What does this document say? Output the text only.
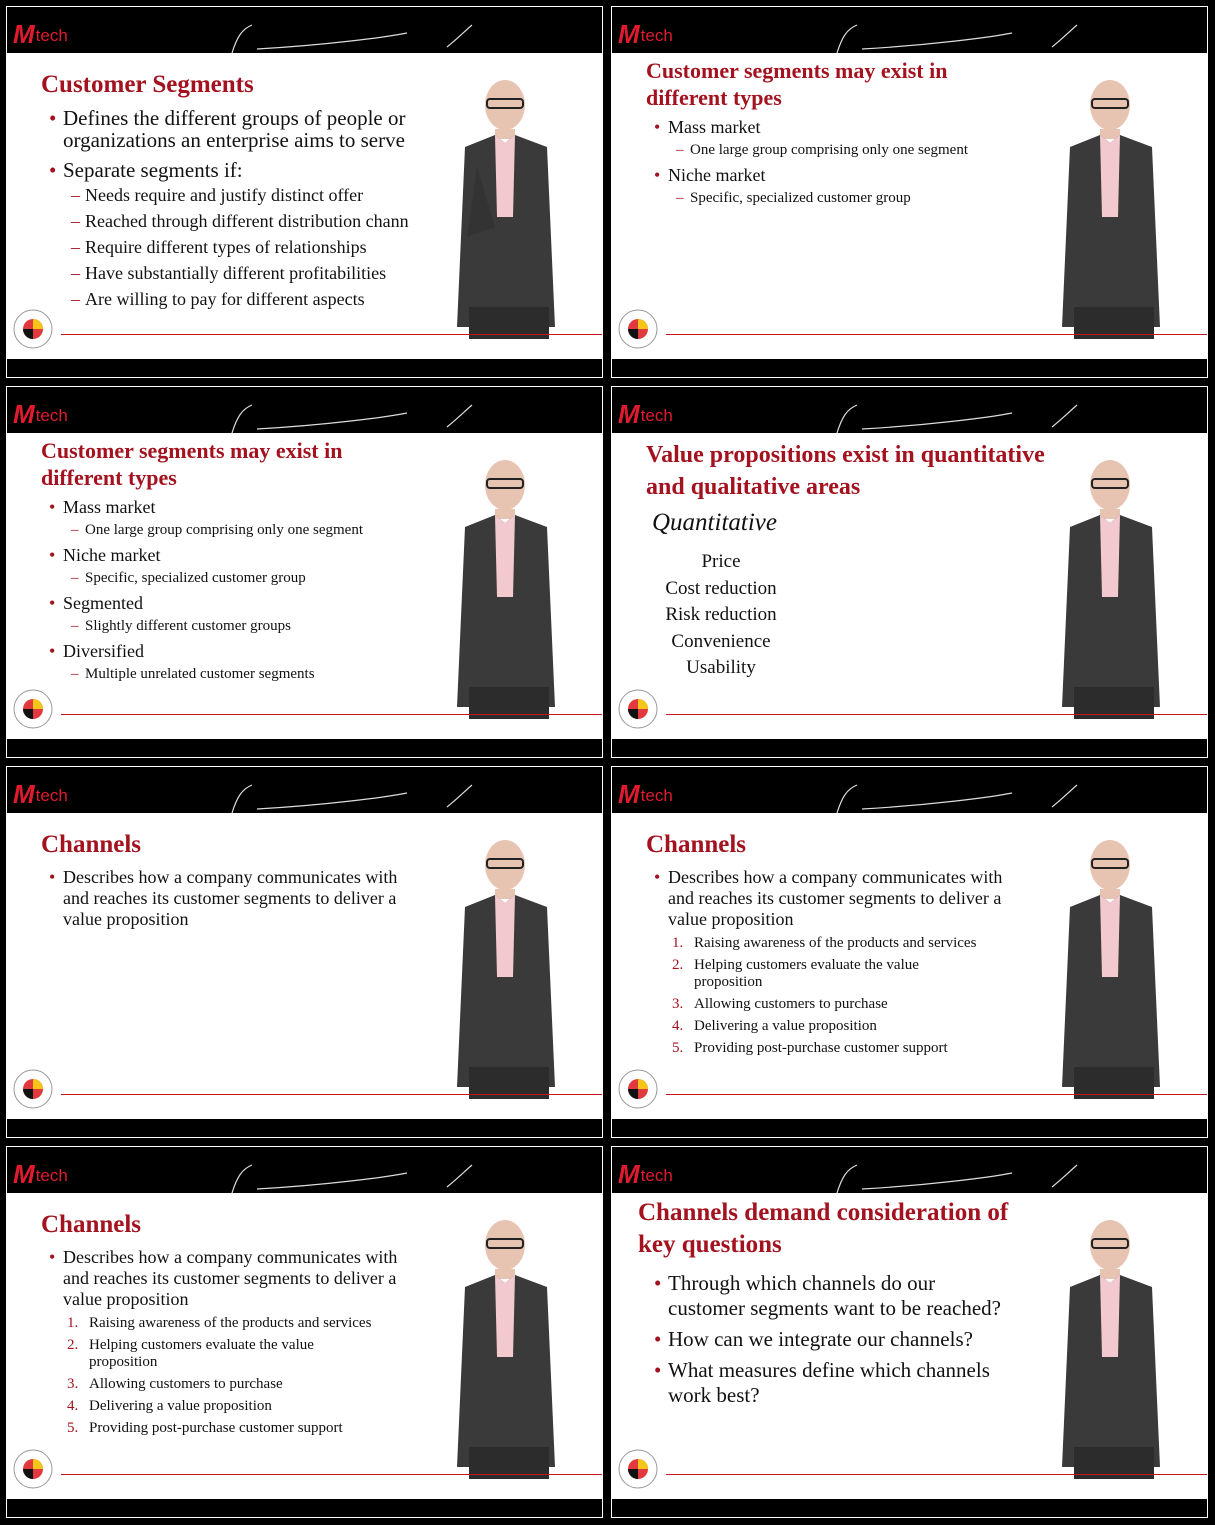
M tech
Customer Segments
• Defines the different groups of people or organizations an enterprise aims to serve
• Separate segments if:
– Needs require and justify distinct offer
– Reached through different distribution chann
– Require different types of relationships
– Have substantially different profitabilities
– Are willing to pay for different aspects
M tech
Customer segments may exist in different types
• Mass market
– One large group comprising only one segment
• Niche market
– Specific, specialized customer group
M tech
Customer segments may exist in different types
• Mass market
– One large group comprising only one segment
• Niche market
– Specific, specialized customer group
• Segmented
– Slightly different customer groups
• Diversified
– Multiple unrelated customer segments
M tech
Value propositions exist in quantitative and qualitative areas
Quantitative
Price
Cost reduction
Risk reduction
Convenience
Usability
M tech
Channels
• Describes how a company communicates with and reaches its customer segments to deliver a value proposition
M tech
Channels
• Describes how a company communicates with and reaches its customer segments to deliver a value proposition
1. Raising awareness of the products and services
2. Helping customers evaluate the value proposition
3. Allowing customers to purchase
4. Delivering a value proposition
5. Providing post-purchase customer support
M tech
Channels
• Describes how a company communicates with and reaches its customer segments to deliver a value proposition
1. Raising awareness of the products and services
2. Helping customers evaluate the value proposition
3. Allowing customers to purchase
4. Delivering a value proposition
5. Providing post-purchase customer support
M tech
Channels demand consideration of key questions
• Through which channels do our customer segments want to be reached?
• How can we integrate our channels?
• What measures define which channels work best?
